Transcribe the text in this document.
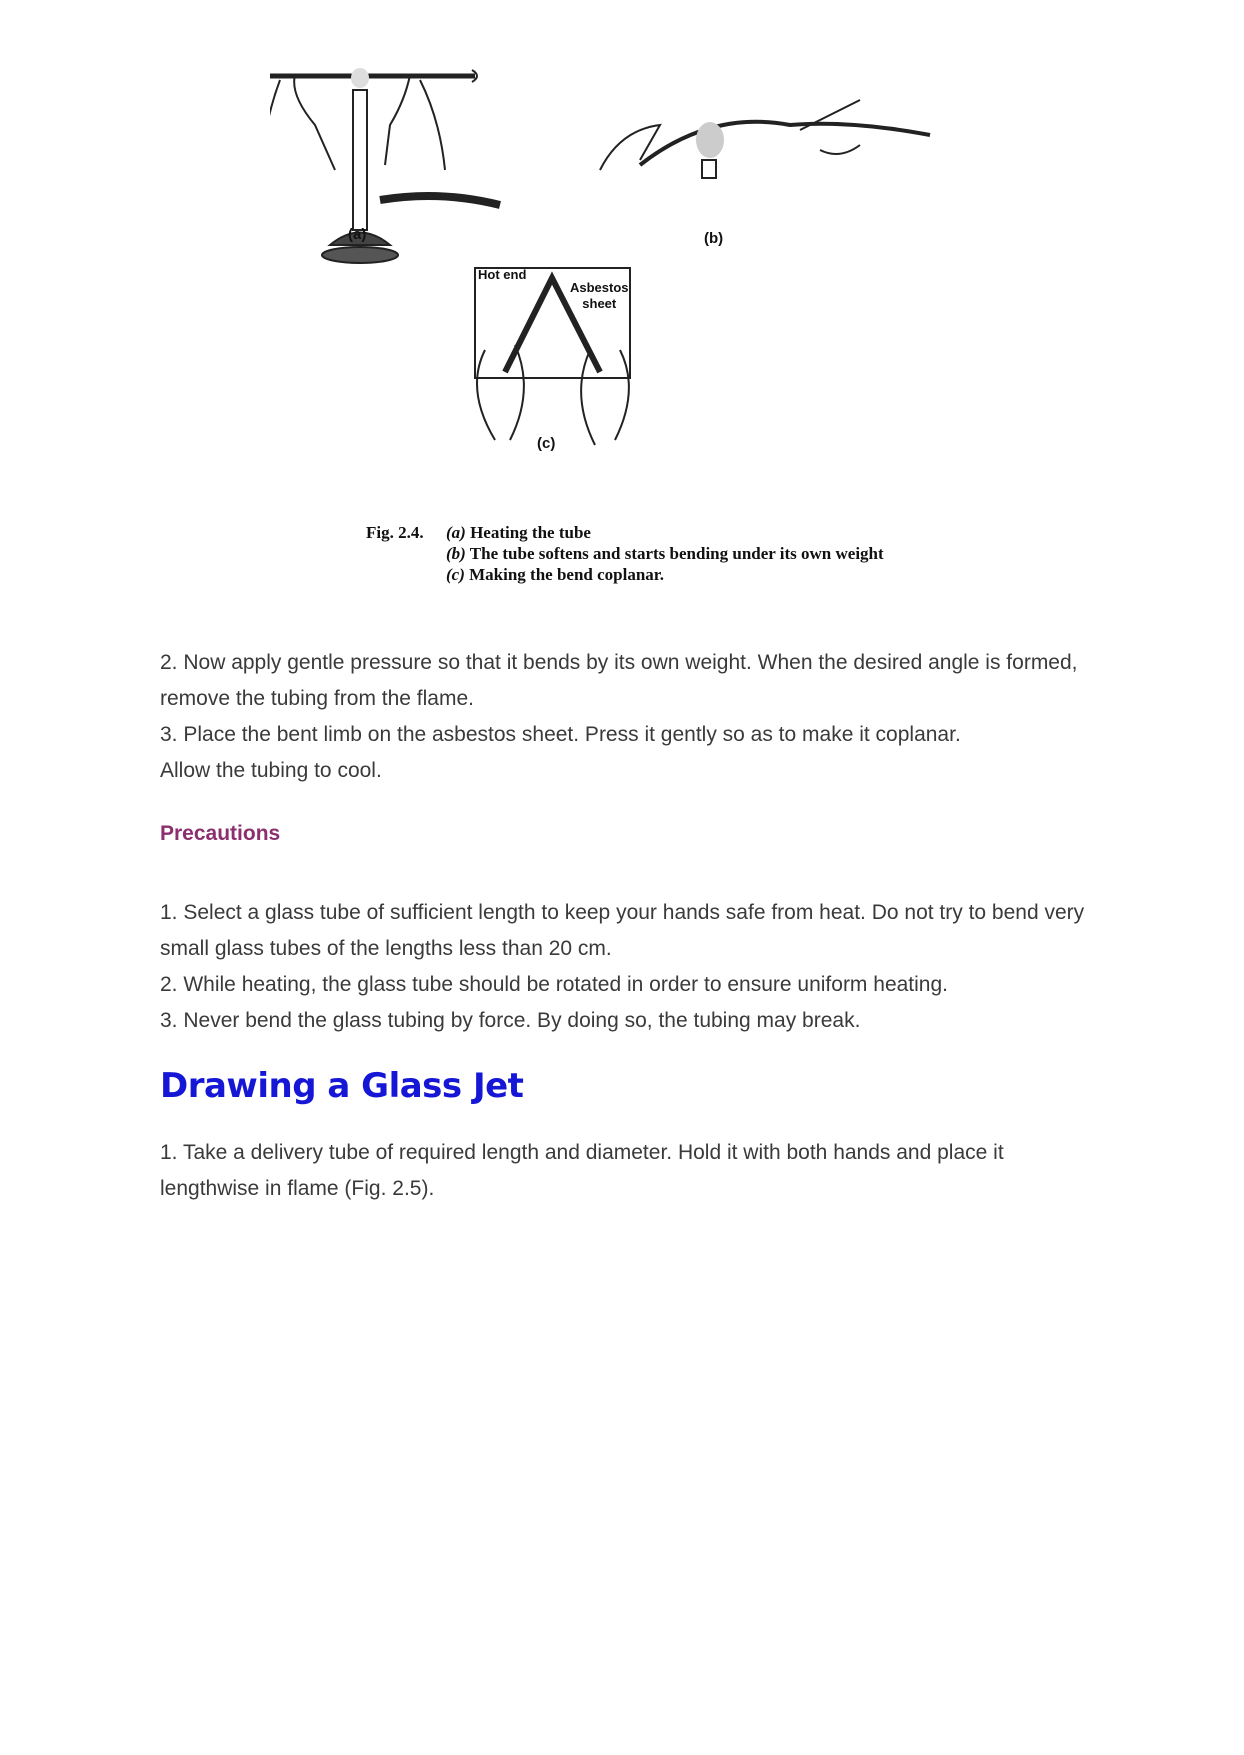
(a)	(b)
(c)
Hot end
Asbestos
sheet
Fig. 2.4. (a) Heating the tube
(b) The tube softens and starts bending under its own weight
(c) Making the bend coplanar.

2. Now apply gentle pressure so that it bends by its own weight. When the desired angle is formed, remove the tubing from the flame.

3. Place the bent limb on the asbestos sheet. Press it gently so as to make it coplanar.

Allow the tubing to cool.

Precautions

1. Select a glass tube of sufficient length to keep your hands safe from heat. Do not try to bend very small glass tubes of the lengths less than 20 cm.

2. While heating, the glass tube should be rotated in order to ensure uniform heating.

3. Never bend the glass tubing by force. By doing so, the tubing may break.

Drawing a Glass Jet

1. Take a delivery tube of required length and diameter. Hold it with both hands and place it lengthwise in flame (Fig. 2.5).
